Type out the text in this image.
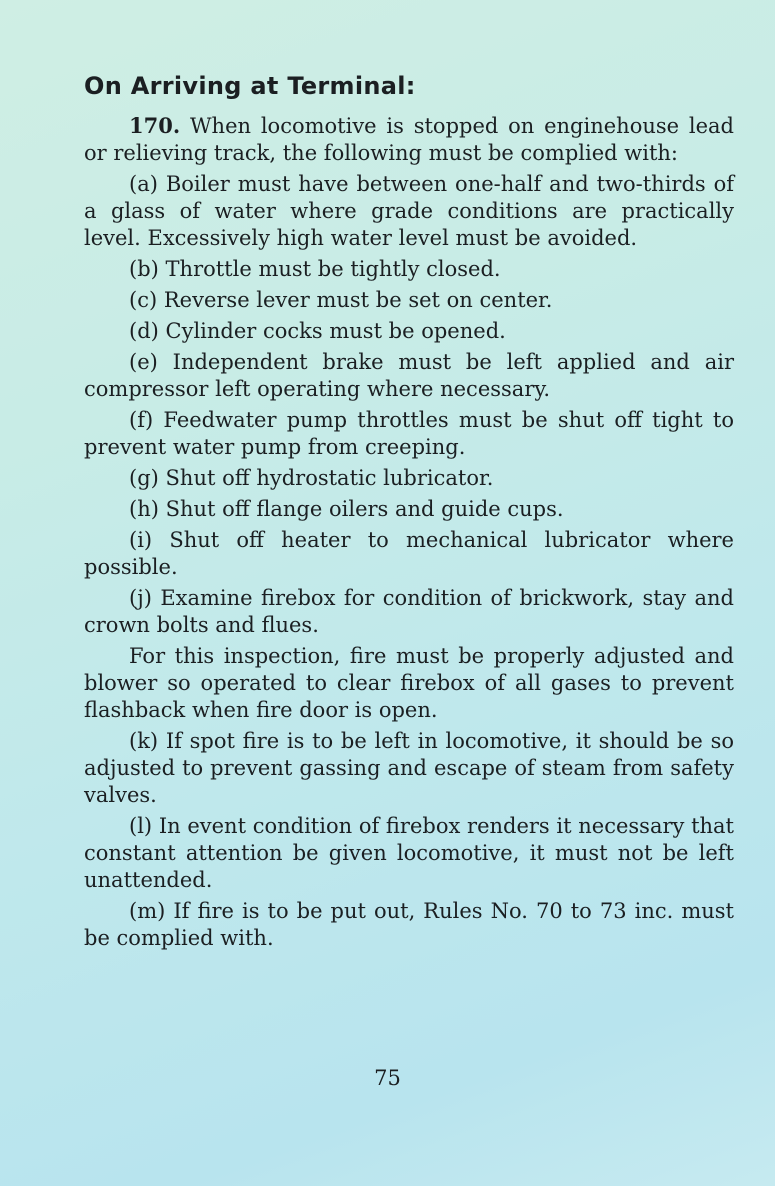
On Arriving at Terminal:

170. When locomotive is stopped on enginehouse lead or relieving track, the following must be complied with:

(a) Boiler must have between one-half and two-thirds of a glass of water where grade conditions are practically level. Excessively high water level must be avoided.

(b) Throttle must be tightly closed.

(c) Reverse lever must be set on center.

(d) Cylinder cocks must be opened.

(e) Independent brake must be left applied and air compressor left operating where necessary.

(f) Feedwater pump throttles must be shut off tight to prevent water pump from creeping.

(g) Shut off hydrostatic lubricator.

(h) Shut off flange oilers and guide cups.

(i) Shut off heater to mechanical lubricator where possible.

(j) Examine firebox for condition of brickwork, stay and crown bolts and flues.

For this inspection, fire must be properly adjusted and blower so operated to clear firebox of all gases to prevent flashback when fire door is open.

(k) If spot fire is to be left in locomotive, it should be so adjusted to prevent gassing and escape of steam from safety valves.

(l) In event condition of firebox renders it necessary that constant attention be given locomotive, it must not be left unattended.

(m) If fire is to be put out, Rules No. 70 to 73 inc. must be complied with.

75
